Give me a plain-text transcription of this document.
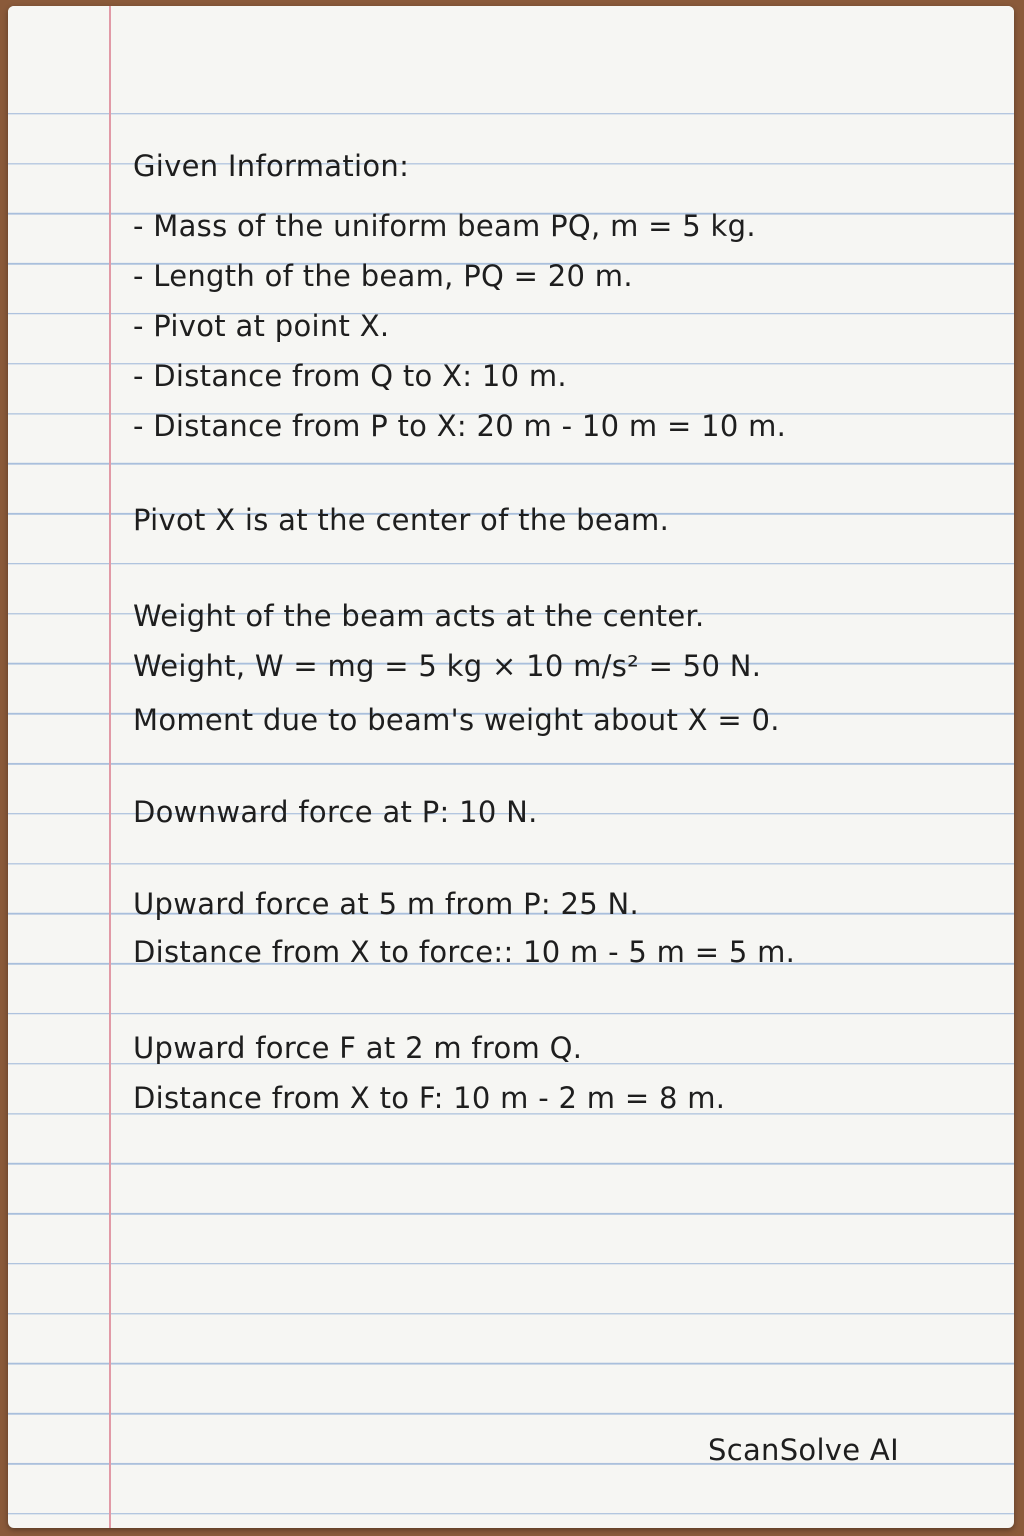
Given Information:

- Mass of the uniform beam PQ, m = 5 kg.

- Length of the beam, PQ = 20 m.

- Pivot at point X.

- Distance from Q to X: 10 m.

- Distance from P to X: 20 m - 10 m = 10 m.

Pivot X is at the center of the beam.

Weight of the beam acts at the center.

Weight, W = mg = 5 kg × 10 m/s² = 50 N.

Moment due to beam's weight about X = 0.

Downward force at P: 10 N.

Upward force at 5 m from P: 25 N.

Distance from X to force:: 10 m - 5 m = 5 m.

Upward force F at 2 m from Q.

Distance from X to F: 10 m - 2 m = 8 m.

ScanSolve AI
